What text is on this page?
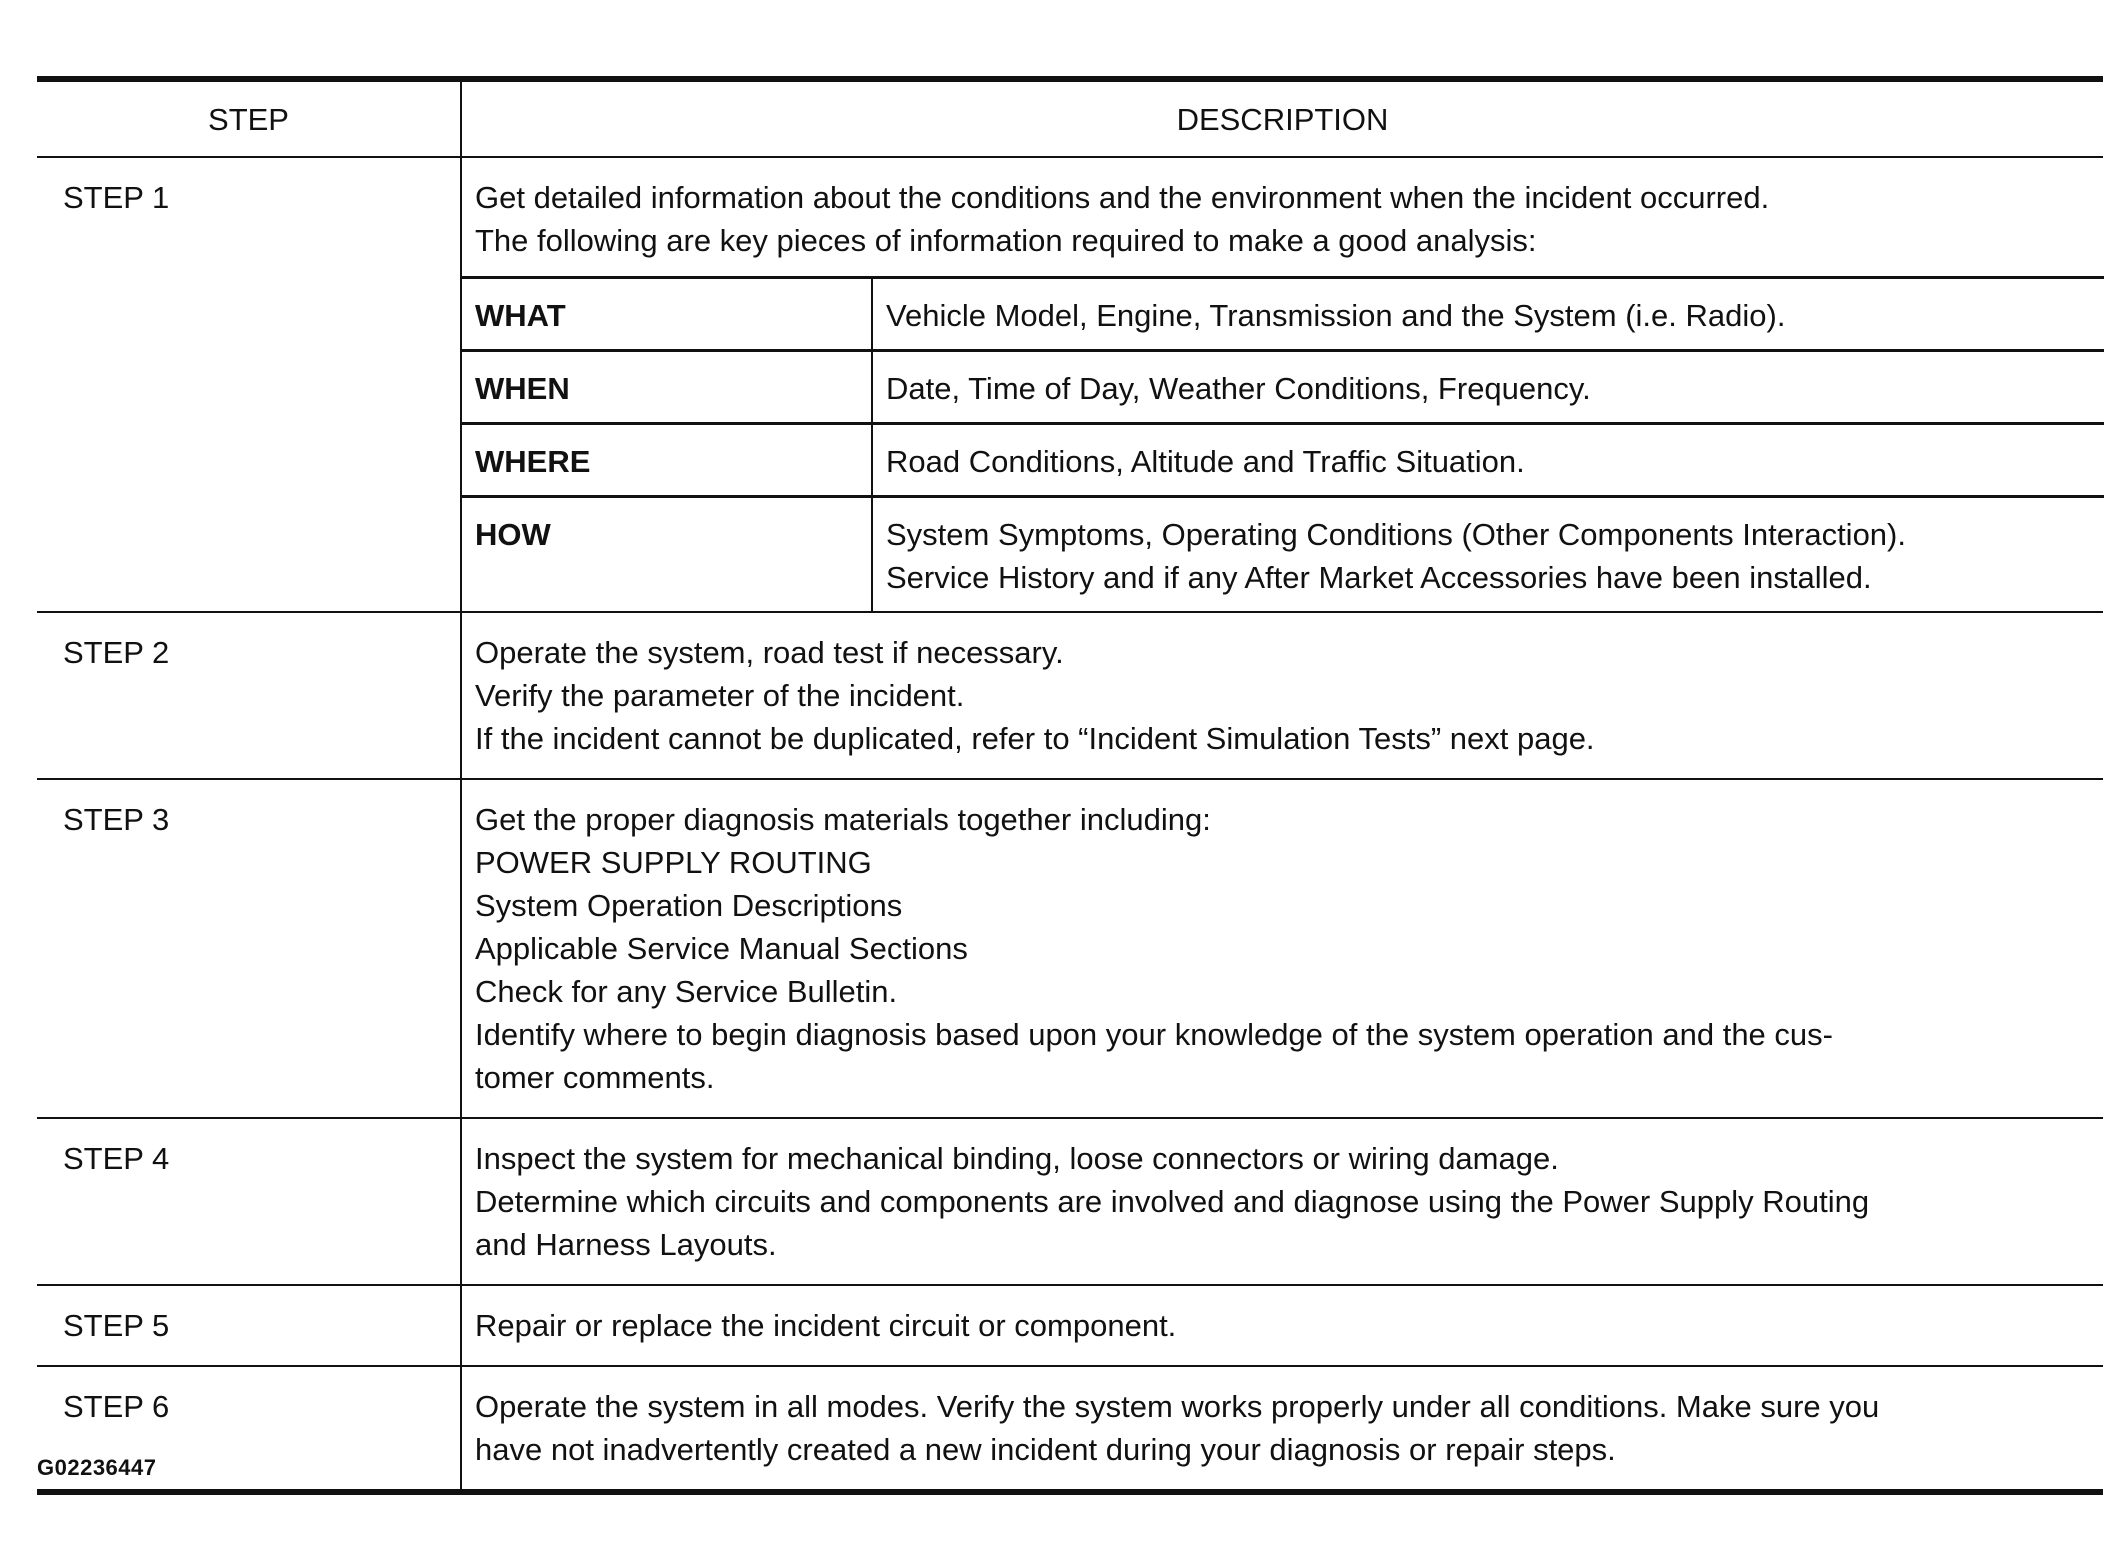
STEP	DESCRIPTION
STEP 1	Get detailed information about the conditions and the environment when the incident occurred.
The following are key pieces of information required to make a good analysis:
WHAT	Vehicle Model, Engine, Transmission and the System (i.e. Radio).

WHEN	Date, Time of Day, Weather Conditions, Frequency.

WHERE	Road Conditions, Altitude and Traffic Situation.

HOW	System Symptoms, Operating Conditions (Other Components Interaction).
Service History and if any After Market Accessories have been installed.

STEP 2	Operate the system, road test if necessary.
Verify the parameter of the incident.
If the incident cannot be duplicated, refer to “Incident Simulation Tests” next page.

STEP 3	Get the proper diagnosis materials together including:
POWER SUPPLY ROUTING
System Operation Descriptions
Applicable Service Manual Sections
Check for any Service Bulletin.
Identify where to begin diagnosis based upon your knowledge of the system operation and the cus-
tomer comments.

STEP 4	Inspect the system for mechanical binding, loose connectors or wiring damage.
Determine which circuits and components are involved and diagnose using the Power Supply Routing
and Harness Layouts.

STEP 5	Repair or replace the incident circuit or component.

STEP 6	Operate the system in all modes. Verify the system works properly under all conditions. Make sure you
have not inadvertently created a new incident during your diagnosis or repair steps.
G02236447
